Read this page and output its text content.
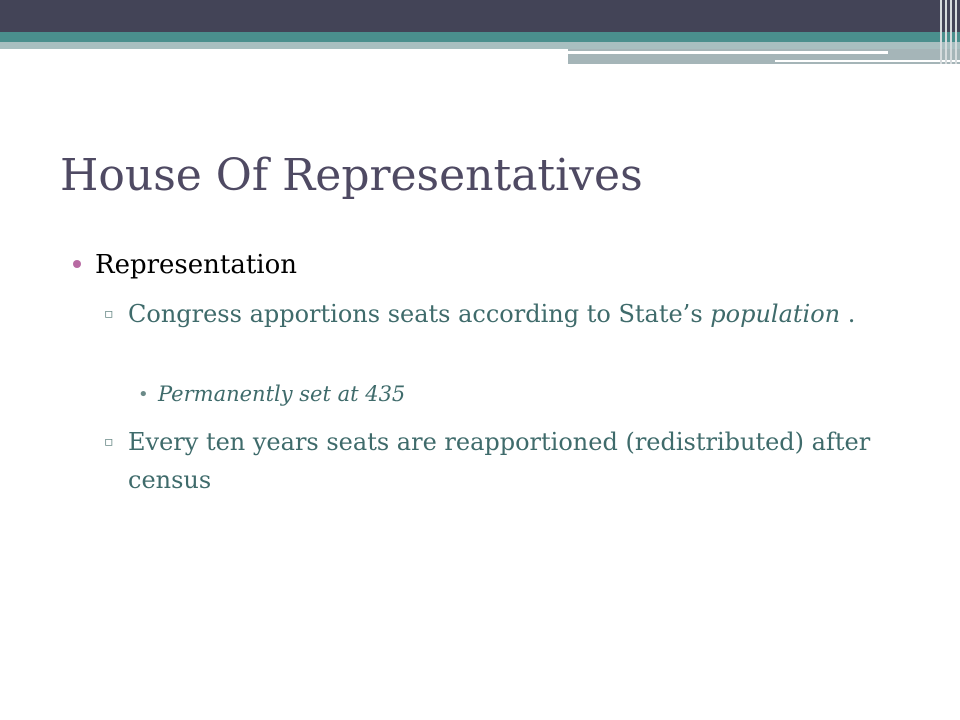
House Of Representatives
Representation
▫ Congress apportions seats according to State’s population .
• Permanently set at 435
▫ Every ten years seats are reapportioned (redistributed) after census
